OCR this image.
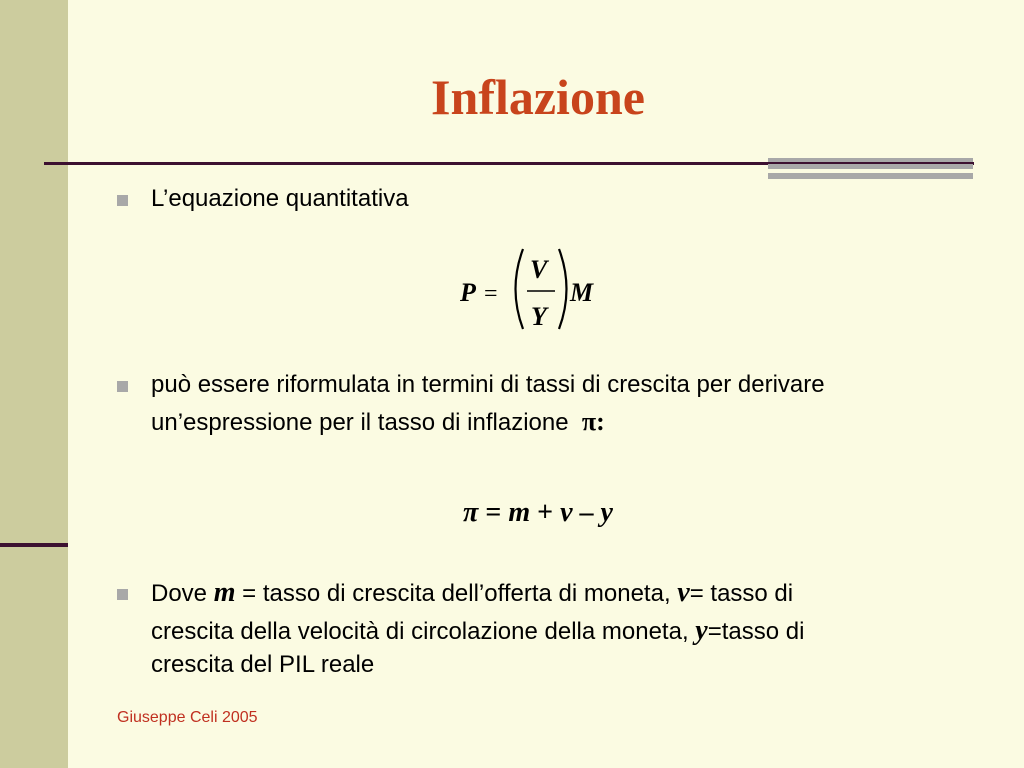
Inflazione

L’equazione quantitativa

P =
V
Y
M

può essere riformulata in termini di tassi di crescita per derivare

un’espressione per il tasso di inflazione π:

π = m + v – y

Dove m = tasso di crescita dell’offerta di moneta, v= tasso di

crescita della velocità di circolazione della moneta, y=tasso di

crescita del PIL reale

Giuseppe Celi 2005
